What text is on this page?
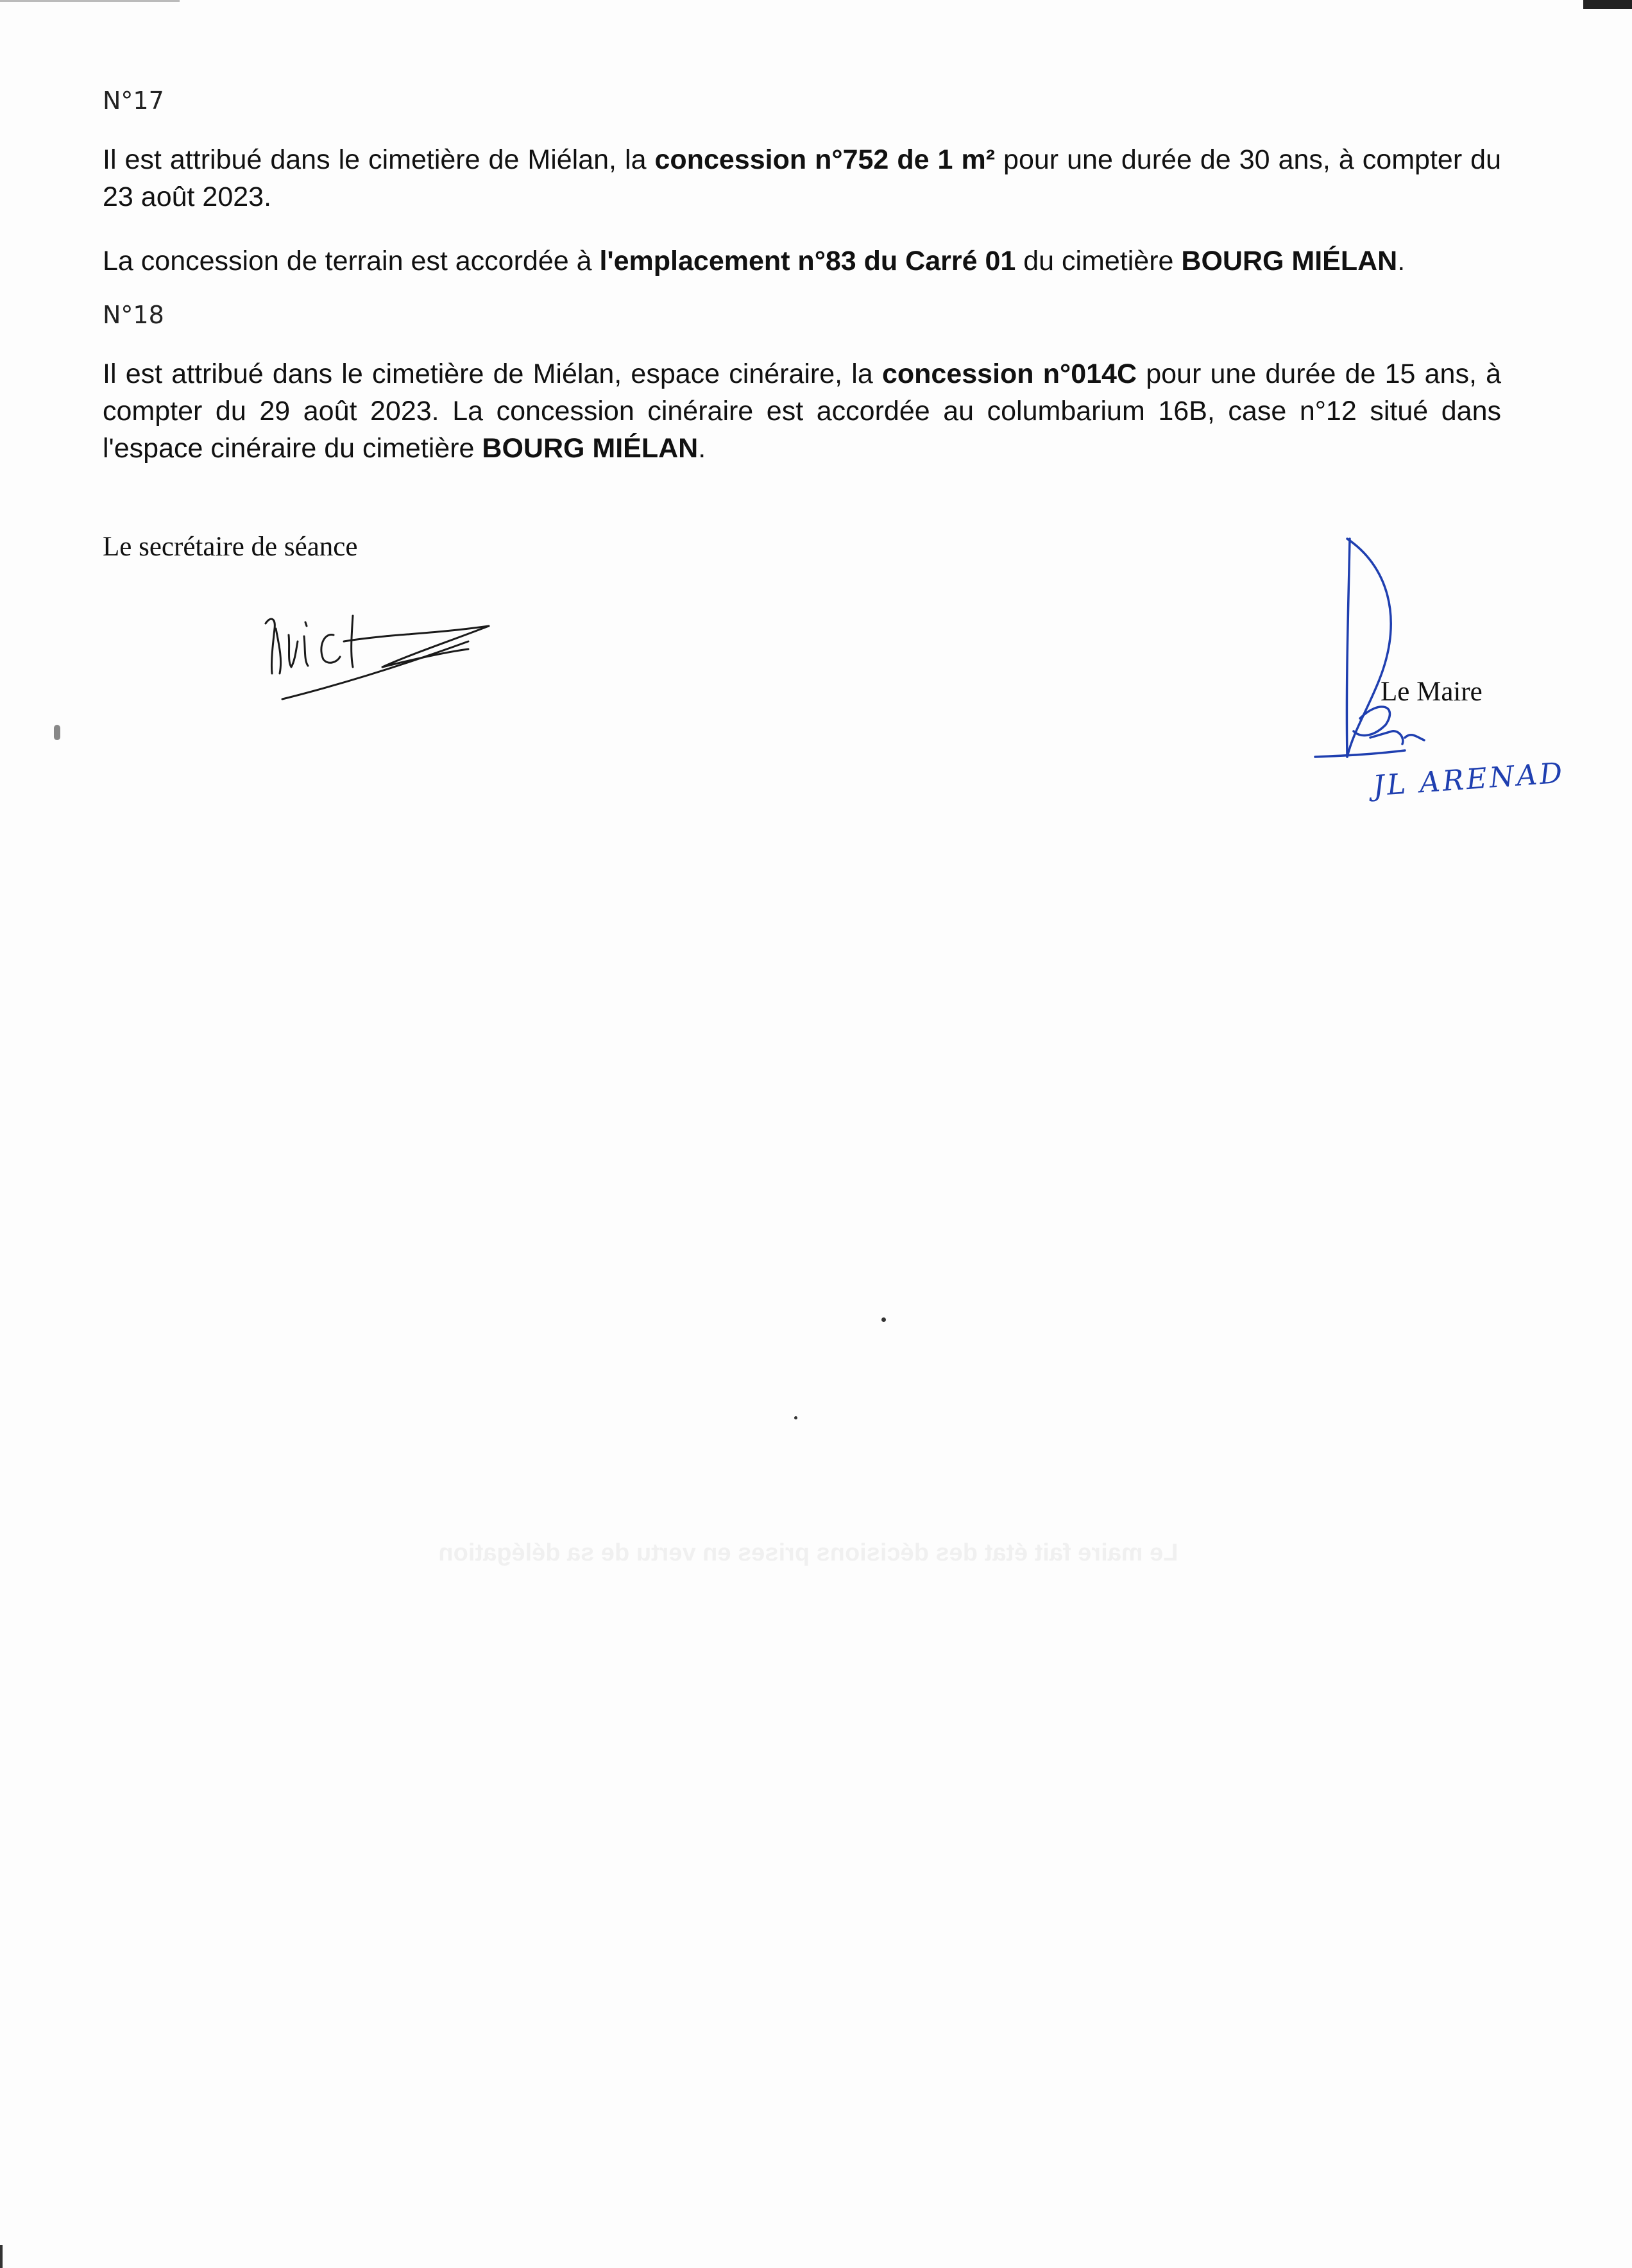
Le maire fait état des décisions prises en vertu de sa délégation
N°17

Il est attribué dans le cimetière de Miélan, la concession n°752 de 1 m² pour une durée de 30 ans, à compter du 23 août 2023.

La concession de terrain est accordée à l'emplacement n°83 du Carré 01 du cimetière BOURG MIÉLAN.

N°18

Il est attribué dans le cimetière de Miélan, espace cinéraire, la concession n°014C pour une durée de 15 ans, à compter du 29 août 2023. La concession cinéraire est accordée au columbarium 16B, case n°12 situé dans l'espace cinéraire du cimetière BOURG MIÉLAN.

Le secrétaire de séance
Le Maire
JL ARENAD
